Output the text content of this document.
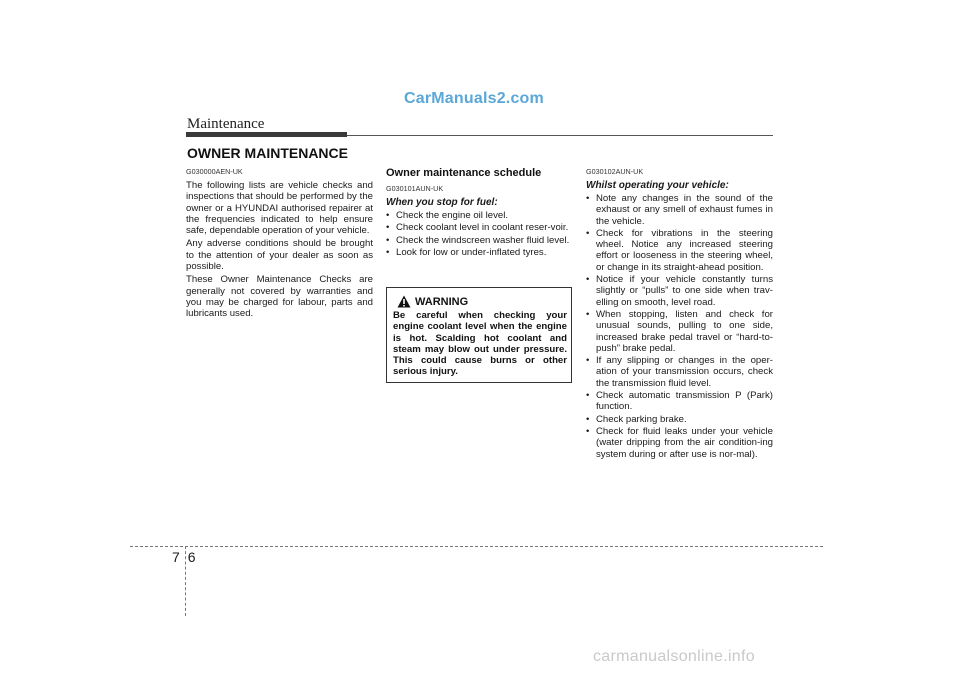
CarManuals2.com
Maintenance
OWNER MAINTENANCE
G030000AEN-UK

The following lists are vehicle checks and inspections that should be performed by the owner or a HYUNDAI authorised repairer at the frequencies indicated to help ensure safe, dependable operation of your vehicle.

Any adverse conditions should be brought to the attention of your dealer as soon as possible.

These Owner Maintenance Checks are generally not covered by warranties and you may be charged for labour, parts and lubricants used.

Owner maintenance schedule
G030101AUN-UK
When you stop for fuel:
• Check the engine oil level.
• Check coolant level in coolant reser-voir.
• Check the windscreen washer fluid level.
• Look for low or under-inflated tyres.
WARNING
Be careful when checking your engine coolant level when the engine is hot. Scalding hot coolant and steam may blow out under pressure. This could cause burns or other serious injury.
G030102AUN-UK
Whilst operating your vehicle:
• Note any changes in the sound of the exhaust or any smell of exhaust fumes in the vehicle.
• Check for vibrations in the steering wheel. Notice any increased steering effort or looseness in the steering wheel, or change in its straight-ahead position.
• Notice if your vehicle constantly turns slightly or “pulls” to one side when trav-elling on smooth, level road.
• When stopping, listen and check for unusual sounds, pulling to one side, increased brake pedal travel or “hard-to-push” brake pedal.
• If any slipping or changes in the oper-ation of your transmission occurs, check the transmission fluid level.
• Check automatic transmission P (Park) function.
• Check parking brake.
• Check for fluid leaks under your vehicle (water dripping from the air condition-ing system during or after use is nor-mal).
76
carmanualsonline.info
